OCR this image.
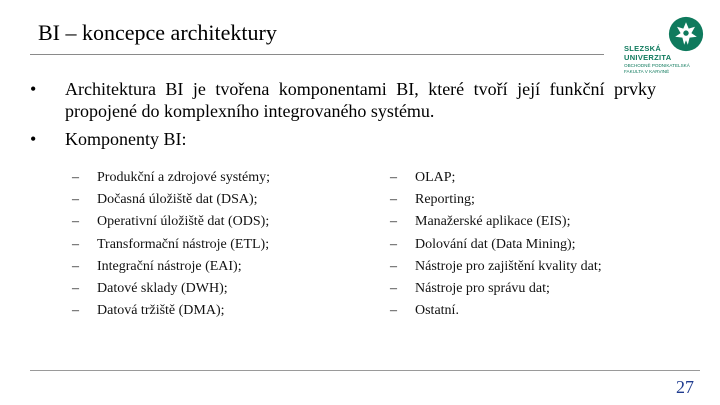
BI – koncepce architektury
SLEZSKÁ
UNIVERZITA
OBCHODNĚ PODNIKATELSKÁ FAKULTA V KARVINÉ
• Architektura BI je tvořena komponentami BI, které tvoří její funkční prvky propojené do komplexního integrovaného systému.
• Komponenty BI:
– Produkční a zdrojové systémy;
– Dočasná úložiště dat (DSA);
– Operativní úložiště dat (ODS);
– Transformační nástroje (ETL);
– Integrační nástroje (EAI);
– Datové sklady (DWH);
– Datová tržiště (DMA);
– OLAP;
– Reporting;
– Manažerské aplikace (EIS);
– Dolování dat (Data Mining);
– Nástroje pro zajištění kvality dat;
– Nástroje pro správu dat;
– Ostatní.
27
